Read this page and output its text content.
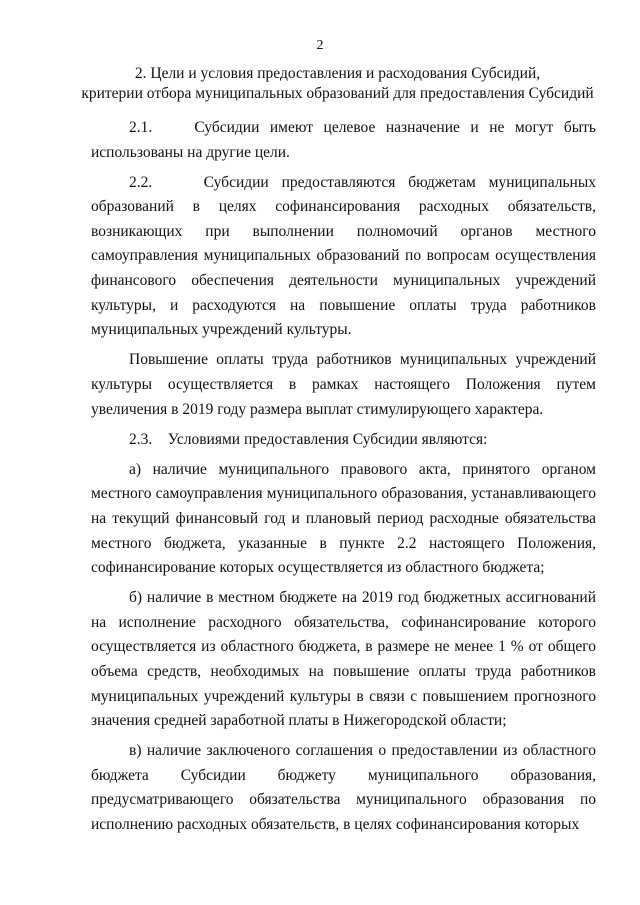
2
2. Цели и условия предоставления и расходования Субсидий,
критерии отбора муниципальных образований для предоставления Субсидий

2.1.    Субсидии имеют целевое назначение и не могут быть использованы на другие цели.

2.2.    Субсидии предоставляются бюджетам муниципальных образований в целях софинансирования расходных обязательств, возникающих при выполнении полномочий органов местного самоуправления муниципальных образований по вопросам осуществления финансового обеспечения деятельности муниципальных учреждений культуры, и расходуются на повышение оплаты труда работников муниципальных учреждений культуры.

Повышение оплаты труда работников муниципальных учреждений культуры осуществляется в рамках настоящего Положения путем увеличения в 2019 году размера выплат стимулирующего характера.

2.3.    Условиями предоставления Субсидии являются:

а) наличие муниципального правового акта, принятого органом местного самоуправления муниципального образования, устанавливающего на текущий финансовый год и плановый период расходные обязательства местного бюджета, указанные в пункте 2.2 настоящего Положения, софинансирование которых осуществляется из областного бюджета;

б) наличие в местном бюджете на 2019 год бюджетных ассигнований на исполнение расходного обязательства, софинансирование которого осуществляется из областного бюджета, в размере не менее 1 % от общего объема средств, необходимых на повышение оплаты труда работников муниципальных учреждений культуры в связи с повышением прогнозного значения средней заработной платы в Нижегородской области;

в) наличие заключеного соглашения о предоставлении из областного бюджета Субсидии бюджету муниципального образования, предусматривающего обязательства муниципального образования по исполнению расходных обязательств, в целях софинансирования которых
